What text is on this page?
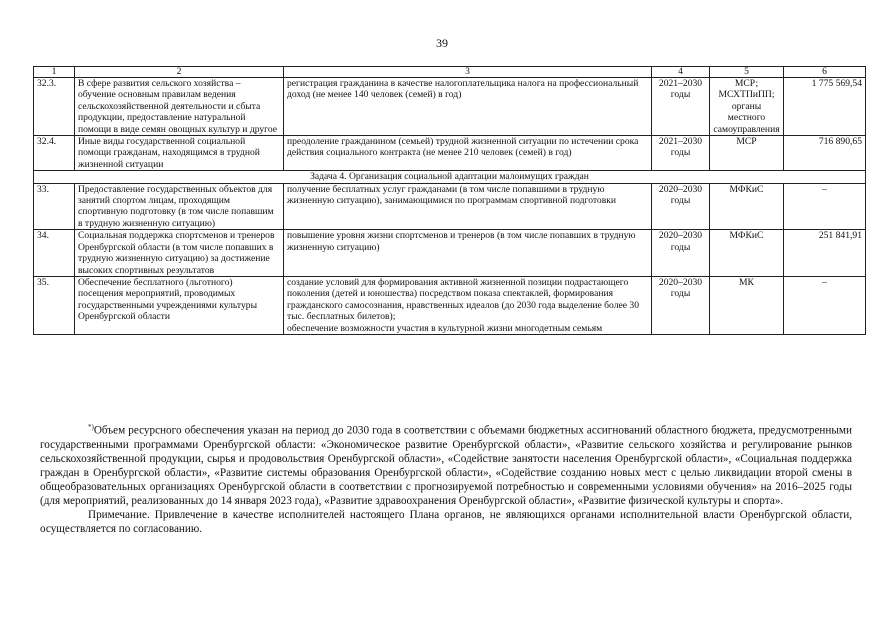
39
1	2	3	4	5	6
32.3.	В сфере развития сельского хозяйства – обучение основным правилам ведения сельскохозяйственной деятельности и сбыта продукции, предоставление натуральной помощи в виде семян овощных культур и другое	регистрация гражданина в качестве налогоплательщика налога на профессиональный доход (не менее 140 человек (семей) в год)	2021–2030 годы	МСР; МСХТПиПП; органы местного самоуправления	1 775 569,54
32.4.	Иные виды государственной социальной помощи гражданам, находящимся в трудной жизненной ситуации	преодоление гражданином (семьей) трудной жизненной ситуации по истечении срока действия социального контракта (не менее 210 человек (семей) в год)	2021–2030 годы	МСР	716 890,65
Задача 4. Организация социальной адаптации малоимущих граждан					
33.	Предоставление государственных объектов для занятий спортом лицам, проходящим спортивную подготовку (в том числе попавшим в трудную жизненную ситуацию)	получение бесплатных услуг гражданами (в том числе попавшими в трудную жизненную ситуацию), занимающимися по программам спортивной подготовки	2020–2030 годы	МФКиС	–
34.	Социальная поддержка спортсменов и тренеров Оренбургской области (в том числе попавших в трудную жизненную ситуацию) за достижение высоких спортивных результатов	повышение уровня жизни спортсменов и тренеров (в том числе попавших в трудную жизненную ситуацию)	2020–2030 годы	МФКиС	251 841,91
35.	Обеспечение бесплатного (льготного) посещения мероприятий, проводимых государственными учреждениями культуры Оренбургской области	создание условий для формирования активной жизненной позиции подрастающего поколения (детей и юношества) посредством показа спектаклей, формирования гражданского самосознания, нравственных идеалов (до 2030 года выделение более 30 тыс. бесплатных билетов);
обеспечение возможности участия в культурной жизни многодетным семьям	2020–2030 годы	МК	–

*)Объем ресурсного обеспечения указан на период до 2030 года в соответствии с объемами бюджетных ассигнований областного бюджета, предусмотренными государственными программами Оренбургской области: «Экономическое развитие Оренбургской области», «Развитие сельского хозяйства и регулирование рынков сельскохозяйственной продукции, сырья и продовольствия Оренбургской области», «Содействие занятости населения Оренбургской области», «Социальная поддержка граждан в Оренбургской области», «Развитие системы образования Оренбургской области», «Содействие созданию новых мест с целью ликвидации второй смены в общеобразовательных организациях Оренбургской области в соответствии с прогнозируемой потребностью и современными условиями обучения» на 2016–2025 годы (для мероприятий, реализованных до 14 января 2023 года), «Развитие здравоохранения Оренбургской области», «Развитие физической культуры и спорта».

Примечание. Привлечение в качестве исполнителей настоящего Плана органов, не являющихся органами исполнительной власти Оренбургской области, осуществляется по согласованию.
